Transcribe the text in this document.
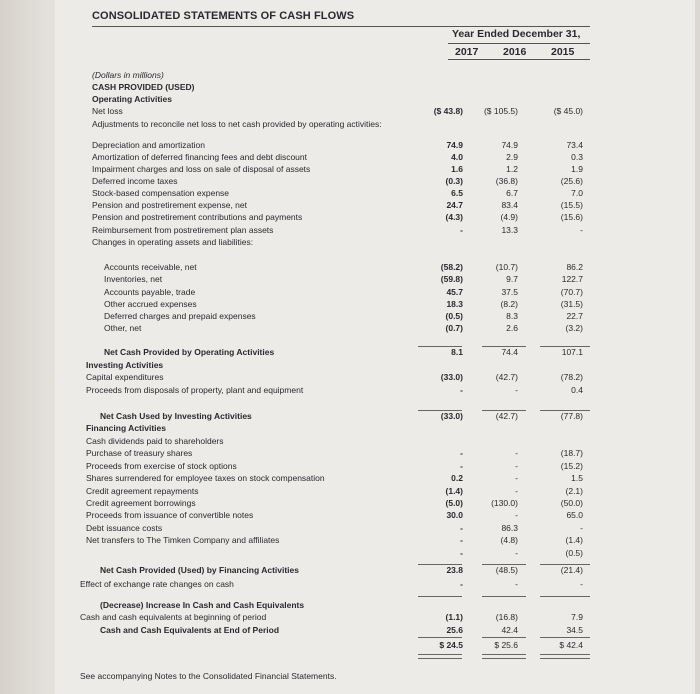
CONSOLIDATED STATEMENTS OF CASH FLOWS
Year Ended December 31,
2017 2016 2015
(Dollars in millions)
CASH PROVIDED (USED)
Operating Activities
Net loss	($ 43.8)	($ 105.5)	($ 45.0)
Adjustments to reconcile net loss to net cash provided by operating activities:
Depreciation and amortization	74.9	74.9	73.4
Amortization of deferred financing fees and debt discount	4.0	2.9	0.3
Impairment charges and loss on sale of disposal of assets	1.6	1.2	1.9
Deferred income taxes	(0.3)	(36.8)	(25.6)
Stock-based compensation expense	6.5	6.7	7.0
Pension and postretirement expense, net	24.7	83.4	(15.5)
Pension and postretirement contributions and payments	(4.3)	(4.9)	(15.6)
Reimbursement from postretirement plan assets	-	13.3	-
Changes in operating assets and liabilities:
Accounts receivable, net	(58.2)	(10.7)	86.2
Inventories, net	(59.8)	9.7	122.7
Accounts payable, trade	45.7	37.5	(70.7)
Other accrued expenses	18.3	(8.2)	(31.5)
Deferred charges and prepaid expenses	(0.5)	8.3	22.7
Other, net	(0.7)	2.6	(3.2)
Net Cash Provided by Operating Activities	8.1	74.4	107.1
Investing Activities
Capital expenditures	(33.0)	(42.7)	(78.2)
Proceeds from disposals of property, plant and equipment	-	-	0.4
Net Cash Used by Investing Activities	(33.0)	(42.7)	(77.8)
Financing Activities
Cash dividends paid to shareholders
Purchase of treasury shares	-	-	(18.7)
Proceeds from exercise of stock options	-	-	(15.2)
Shares surrendered for employee taxes on stock compensation	0.2	-	1.5
Credit agreement repayments	(1.4)	-	(2.1)
Credit agreement borrowings	(5.0)	(130.0)	(50.0)
Proceeds from issuance of convertible notes	30.0	-	65.0
Debt issuance costs	-	86.3	-
Net transfers to The Timken Company and affiliates	-	(4.8)	(1.4)
-	-	(0.5)
Net Cash Provided (Used) by Financing Activities	23.8	(48.5)	(21.4)
Effect of exchange rate changes on cash	-	-	-
(Decrease) Increase In Cash and Cash Equivalents
Cash and cash equivalents at beginning of period	(1.1)	(16.8)	7.9
Cash and Cash Equivalents at End of Period	25.6	42.4	34.5
$ 24.5	$ 25.6	$ 42.4
See accompanying Notes to the Consolidated Financial Statements.
